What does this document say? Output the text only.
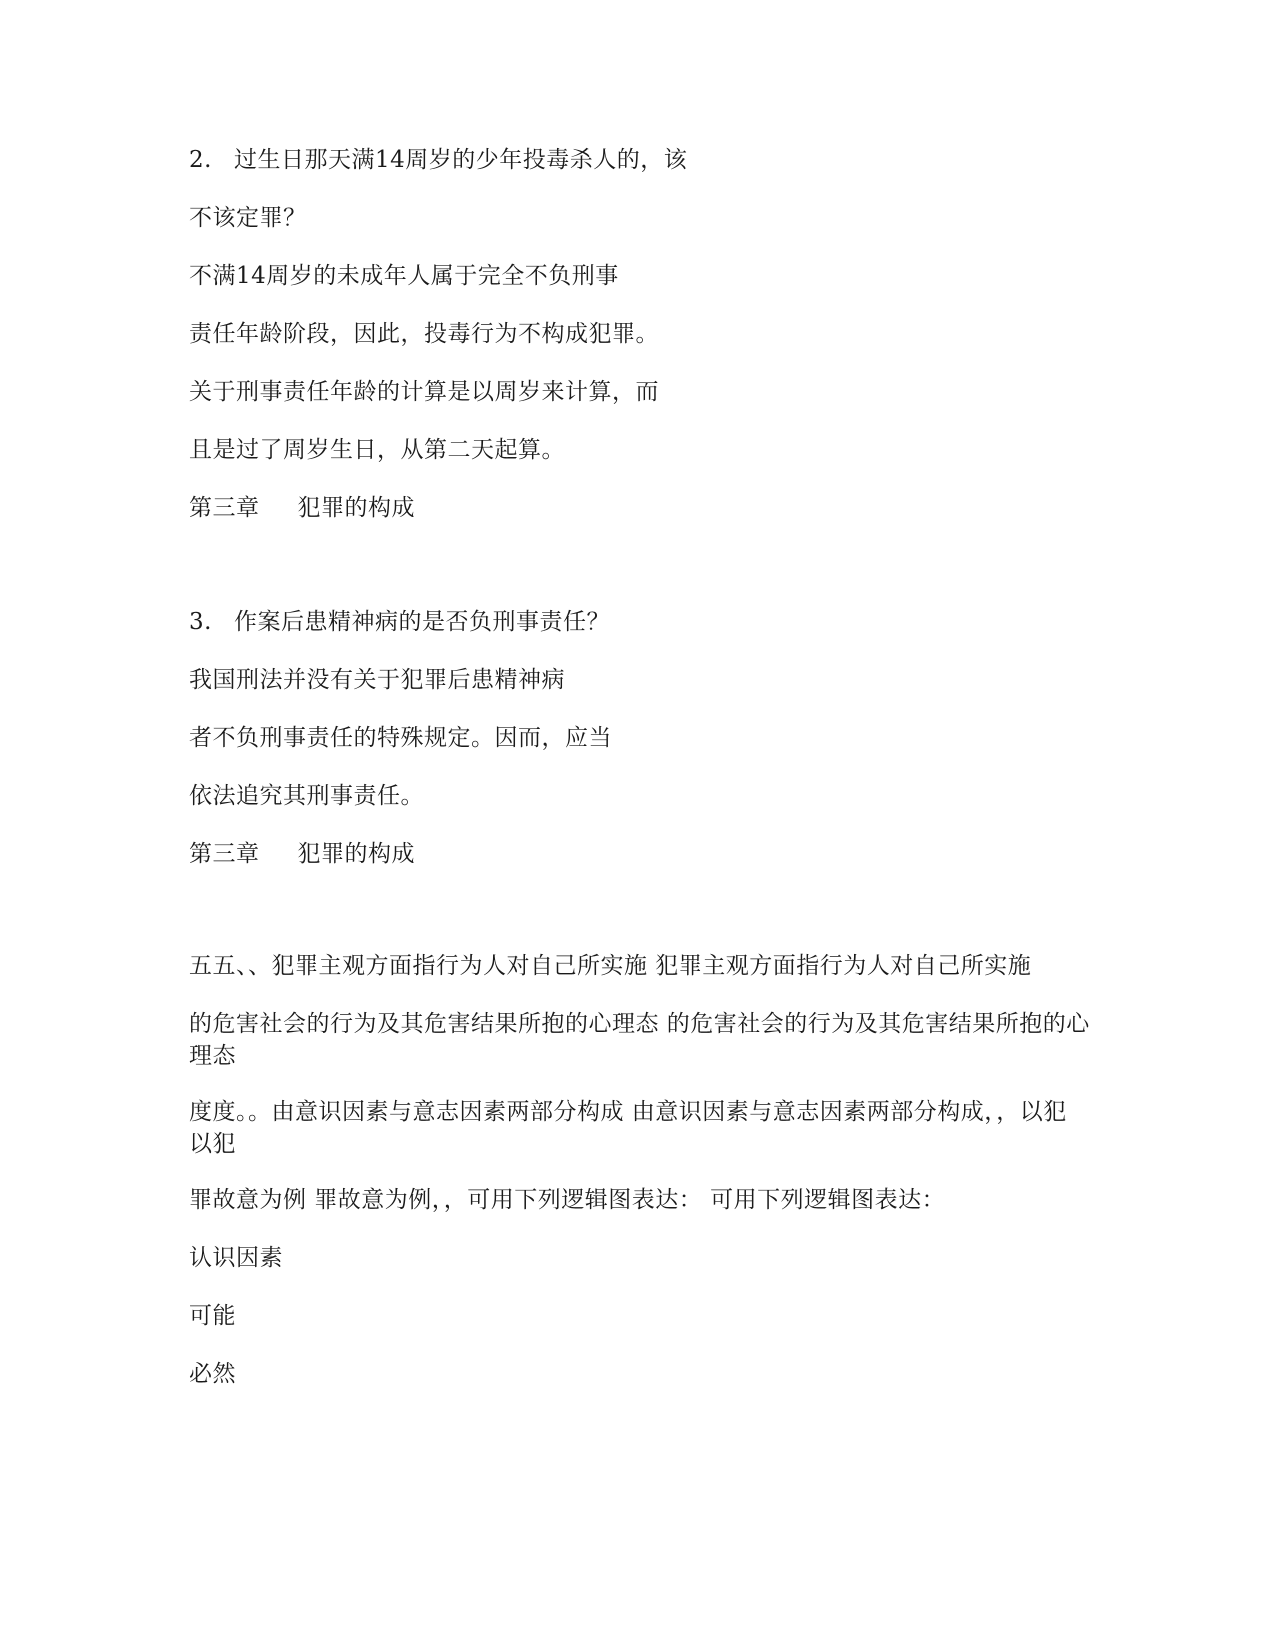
2. 过生日那天满14周岁的少年投毒杀人的，该
不该定罪？
不满14周岁的未成年人属于完全不负刑事
责任年龄阶段，因此，投毒行为不构成犯罪。
关于刑事责任年龄的计算是以周岁来计算，而
且是过了周岁生日，从第二天起算。
第三章 犯罪的构成
3. 作案后患精神病的是否负刑事责任？
我国刑法并没有关于犯罪后患精神病
者不负刑事责任的特殊规定。因而，应当
依法追究其刑事责任。
第三章 犯罪的构成
五五、、犯罪主观方面指行为人对自己所实施 犯罪主观方面指行为人对自己所实施
的危害社会的行为及其危害结果所抱的心理态 的危害社会的行为及其危害结果所抱的心理态
度度。。由意识因素与意志因素两部分构成 由意识因素与意志因素两部分构成，，以犯 以犯
罪故意为例 罪故意为例，，可用下列逻辑图表达： 可用下列逻辑图表达：
认识因素
可能
必然
